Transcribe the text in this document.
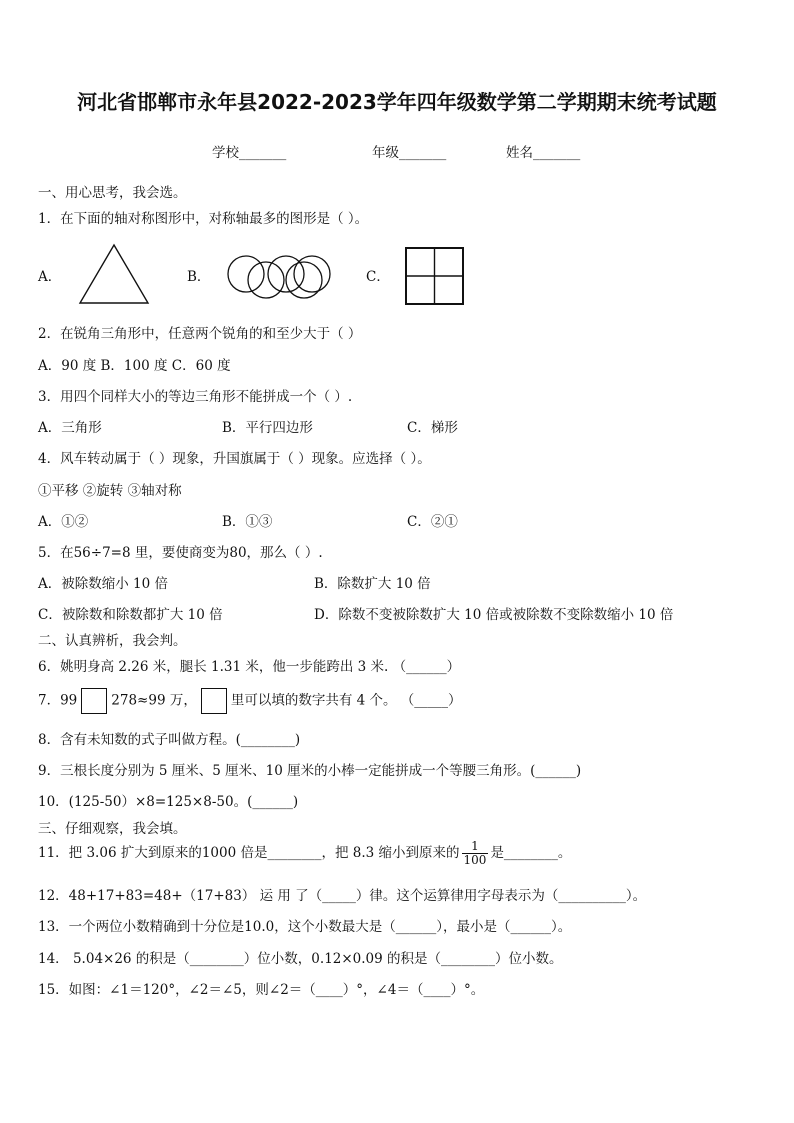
河北省邯郸市永年县2022-2023学年四年级数学第二学期期末统考试题
学校_______	年级_______	姓名_______
一、用心思考，我会选。
1．在下面的轴对称图形中，对称轴最多的图形是（ ）。
A．	B．	C．
2．在锐角三角形中，任意两个锐角的和至少大于（ ）
A．90 度 B．100 度 C．60 度
3．用四个同样大小的等边三角形不能拼成一个（ ）.
A．三角形	B．平行四边形	C．梯形
4．风车转动属于（ ）现象，升国旗属于（ ）现象。应选择（ ）。
①平移 ②旋转 ③轴对称
A．①②	B．①③	C．②①
5．在56÷7=8 里，要使商变为80，那么（ ）.
A．被除数缩小 10 倍	B．除数扩大 10 倍
C．被除数和除数都扩大 10 倍	D．除数不变被除数扩大 10 倍或被除数不变除数缩小 10 倍
二、认真辨析，我会判。
6．姚明身高 2.26 米，腿长 1.31 米，他一步能跨出 3 米. （______）
7．99	278≈99 万，	里可以填的数字共有 4 个。 （_____）
8．含有未知数的式子叫做方程。(________)
9．三根长度分别为 5 厘米、5 厘米、10 厘米的小棒一定能拼成一个等腰三角形。(______)
10．(125-50）×8=125×8-50。(______)
三、仔细观察，我会填。
11．把 3.06 扩大到原来的1000 倍是________，把 8.3 缩小到原来的 $\frac{1}{100}$ 是________。
12．48+17+83=48+（17+83） 运 用 了（_____）律。这个运算律用字母表示为（__________）。
13．一个两位小数精确到十分位是10.0，这个小数最大是（______），最小是（______）。
14． 5.04×26 的积是（________）位小数，0.12×0.09 的积是（________）位小数。
15．如图：∠1＝120°，∠2＝∠5，则∠2＝（____）°，∠4＝（____）°。
